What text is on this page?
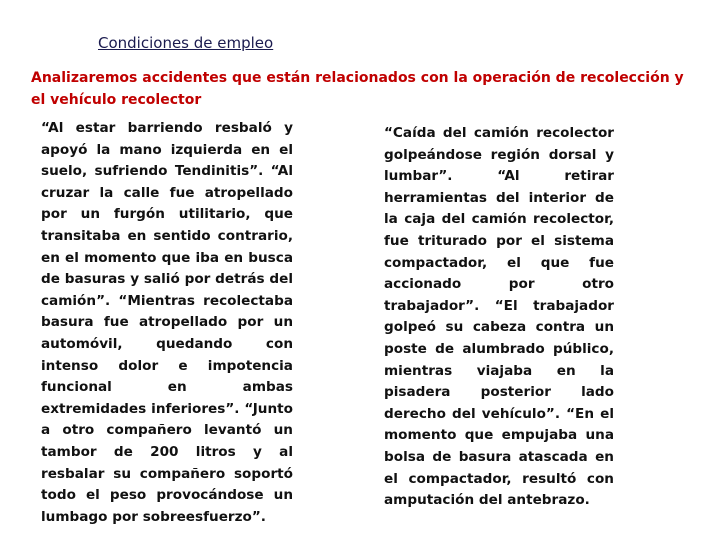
Condiciones de empleo

Analizaremos accidentes que están relacionados con la operación de recolección y el vehículo recolector

“Al estar barriendo resbaló y apoyó la mano izquierda en el suelo, sufriendo Tendinitis”. “Al cruzar la calle fue atropellado por un furgón utilitario, que transitaba en sentido contrario, en el momento que iba en busca de basuras y salió por detrás del camión”. “Mientras recolectaba basura fue atropellado por un automóvil, quedando con intenso dolor e impotencia funcional en ambas extremidades inferiores”. “Junto a otro compañero levantó un tambor de 200 litros y al resbalar su compañero soportó todo el peso provocándose un lumbago por sobreesfuerzo”.

“Caída del camión recolector golpeándose región dorsal y lumbar”. “Al retirar herramientas del interior de la caja del camión recolector, fue triturado por el sistema compactador, el que fue accionado por otro trabajador”. “El trabajador golpeó su cabeza contra un poste de alumbrado público, mientras viajaba en la pisadera posterior lado derecho del vehículo”. “En el momento que empujaba una bolsa de basura atascada en el compactador, resultó con amputación del antebrazo.
